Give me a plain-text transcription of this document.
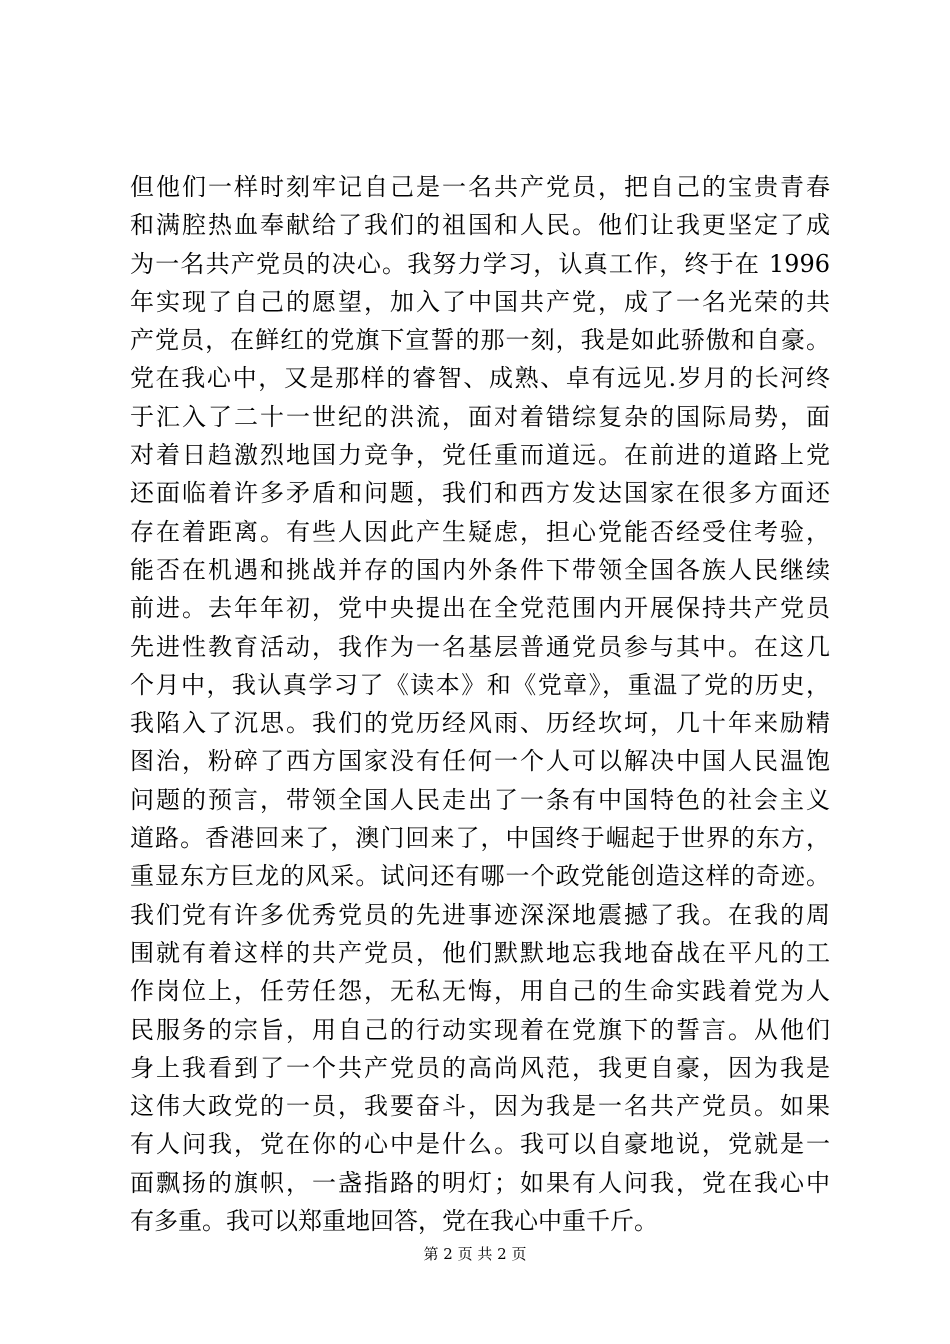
但他们一样时刻牢记自己是一名共产党员，把自己的宝贵青春
和满腔热血奉献给了我们的祖国和人民。他们让我更坚定了成
为一名共产党员的决心。我努力学习，认真工作，终于在 1996
年实现了自己的愿望，加入了中国共产党，成了一名光荣的共
产党员，在鲜红的党旗下宣誓的那一刻，我是如此骄傲和自豪。
党在我心中，又是那样的睿智、成熟、卓有远见.岁月的长河终
于汇入了二十一世纪的洪流，面对着错综复杂的国际局势，面
对着日趋激烈地国力竞争，党任重而道远。在前进的道路上党
还面临着许多矛盾和问题，我们和西方发达国家在很多方面还
存在着距离。有些人因此产生疑虑，担心党能否经受住考验，
能否在机遇和挑战并存的国内外条件下带领全国各族人民继续
前进。去年年初，党中央提出在全党范围内开展保持共产党员
先进性教育活动，我作为一名基层普通党员参与其中。在这几
个月中，我认真学习了《读本》和《党章》，重温了党的历史，
我陷入了沉思。我们的党历经风雨、历经坎坷，几十年来励精
图治，粉碎了西方国家没有任何一个人可以解决中国人民温饱
问题的预言，带领全国人民走出了一条有中国特色的社会主义
道路。香港回来了，澳门回来了，中国终于崛起于世界的东方，
重显东方巨龙的风采。试问还有哪一个政党能创造这样的奇迹。
我们党有许多优秀党员的先进事迹深深地震撼了我。在我的周
围就有着这样的共产党员，他们默默地忘我地奋战在平凡的工
作岗位上，任劳任怨，无私无悔，用自己的生命实践着党为人
民服务的宗旨，用自己的行动实现着在党旗下的誓言。从他们
身上我看到了一个共产党员的高尚风范，我更自豪，因为我是
这伟大政党的一员，我要奋斗，因为我是一名共产党员。如果
有人问我，党在你的心中是什么。我可以自豪地说，党就是一
面飘扬的旗帜，一盏指路的明灯；如果有人问我，党在我心中
有多重。我可以郑重地回答，党在我心中重千斤。
第 2 页 共 2 页
